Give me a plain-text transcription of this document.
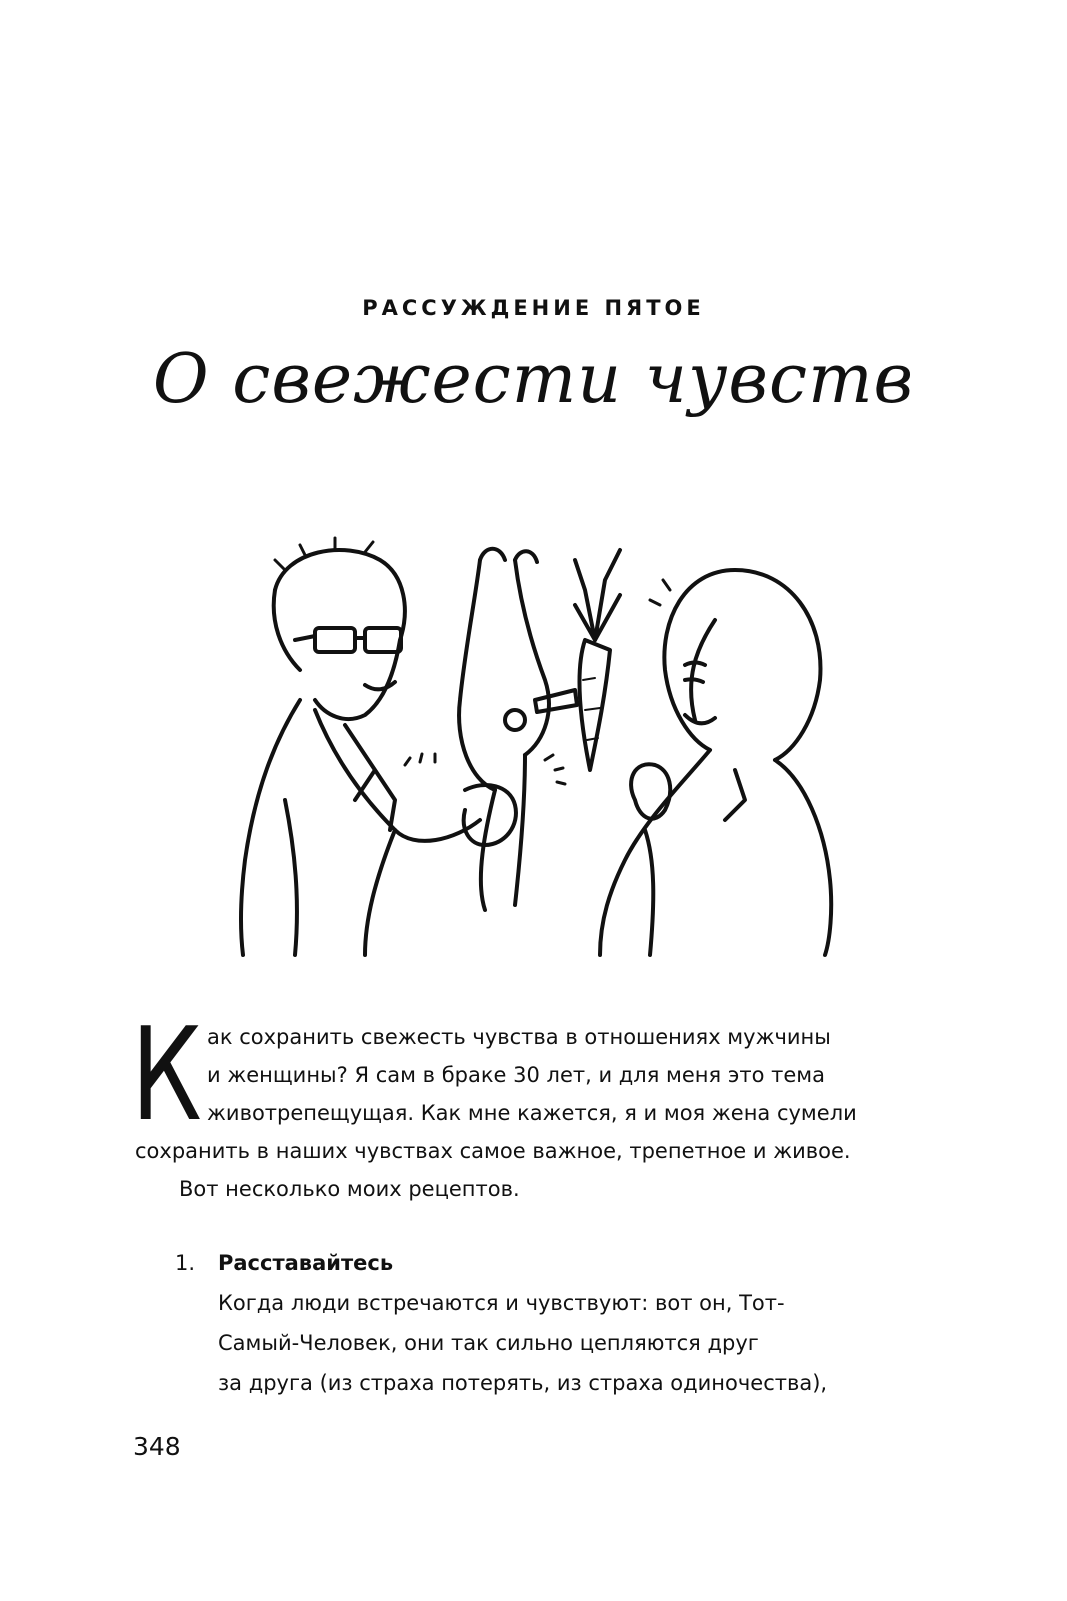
РАССУЖДЕНИЕ ПЯТОЕ
О свежести чувств
К ак сохранить свежесть чувства в отношениях мужчины
и женщины? Я сам в браке 30 лет, и для меня это тема
животрепещущая. Как мне кажется, я и моя жена сумели
сохранить в наших чувствах самое важное, трепетное и живое.
Вот несколько моих рецептов.
1. Расставайтесь
Когда люди встречаются и чувствуют: вот он, Тот-
Самый-Человек, они так сильно цепляются друг
за друга (из страха потерять, из страха одиночества),
348
